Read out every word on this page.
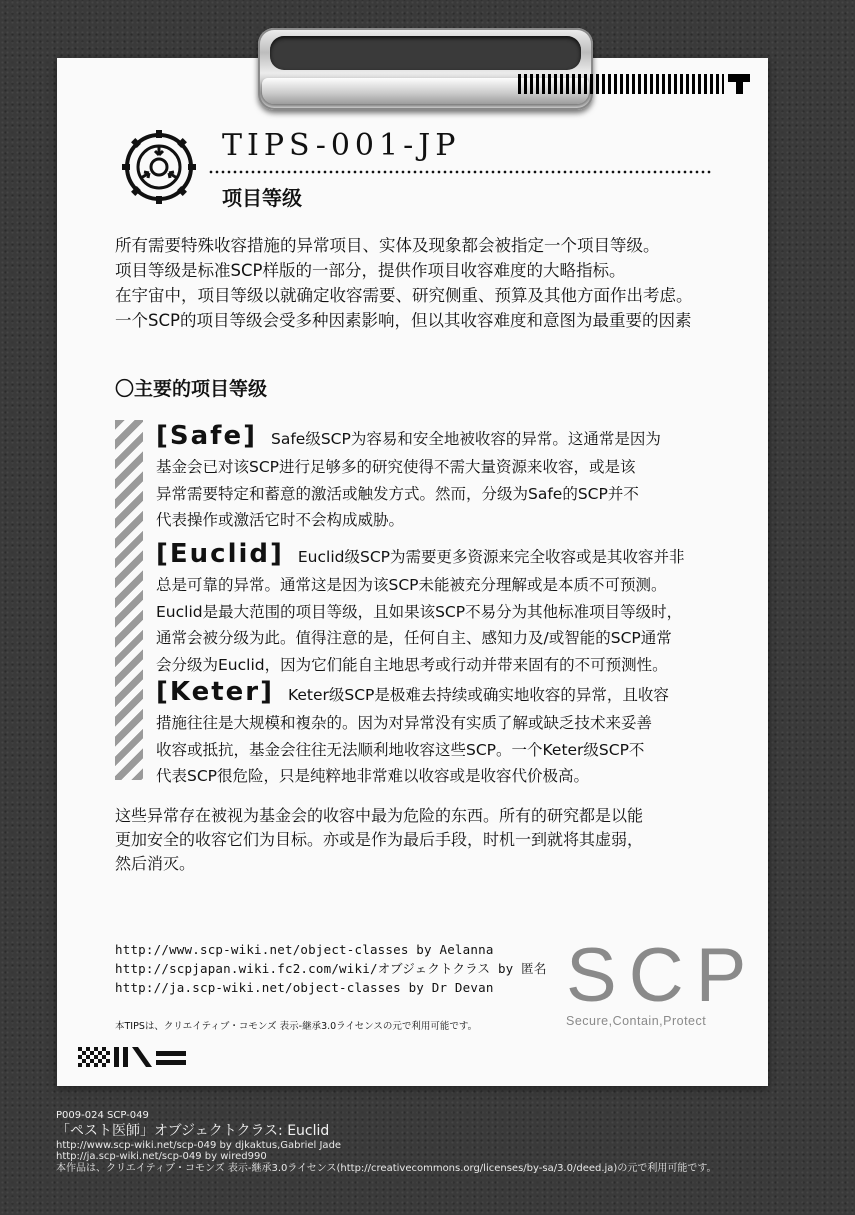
TIPS-001-JP
项目等级
所有需要特殊收容措施的异常项目、实体及现象都会被指定一个项目等级。
项目等级是标准SCP样版的一部分，提供作项目收容难度的大略指标。
在宇宙中，项目等级以就确定收容需要、研究侧重、预算及其他方面作出考虑。
一个SCP的项目等级会受多种因素影响，但以其收容难度和意图为最重要的因素
〇主要的项目等级
[Safe] Safe级SCP为容易和安全地被收容的异常。这通常是因为
基金会已对该SCP进行足够多的研究使得不需大量资源来收容，或是该
异常需要特定和蓄意的激活或触发方式。然而，分级为Safe的SCP并不
代表操作或激活它时不会构成威胁。
[Euclid] Euclid级SCP为需要更多资源来完全收容或是其收容并非
总是可靠的异常。通常这是因为该SCP未能被充分理解或是本质不可预测。
Euclid是最大范围的项目等级，且如果该SCP不易分为其他标准项目等级时，
通常会被分级为此。值得注意的是，任何自主、感知力及/或智能的SCP通常
会分级为Euclid，因为它们能自主地思考或行动并带来固有的不可预测性。
[Keter] Keter级SCP是极难去持续或确实地收容的异常，且收容
措施往往是大规模和複杂的。因为对异常没有实质了解或缺乏技术来妥善
收容或抵抗，基金会往往无法顺利地收容这些SCP。一个Keter级SCP不
代表SCP很危险，只是纯粹地非常难以收容或是收容代价极高。
这些异常存在被视为基金会的收容中最为危险的东西。所有的研究都是以能
更加安全的收容它们为目标。亦或是作为最后手段，时机一到就将其虚弱，
然后消灭。
http://www.scp-wiki.net/object-classes by Aelanna
http://scpjapan.wiki.fc2.com/wiki/オブジェクトクラス by 匿名
http://ja.scp-wiki.net/object-classes by Dr Devan
本TIPSは、クリエイティブ・コモンズ 表示-継承3.0ライセンスの元で利用可能です。
SCP
Secure,Contain,Protect
P009-024 SCP-049
「ペスト医師」オブジェクトクラス: Euclid
http://www.scp-wiki.net/scp-049 by djkaktus,Gabriel Jade
http://ja.scp-wiki.net/scp-049 by wired990
本作品は、クリエイティブ・コモンズ 表示-継承3.0ライセンス(http://creativecommons.org/licenses/by-sa/3.0/deed.ja)の元で利用可能です。
